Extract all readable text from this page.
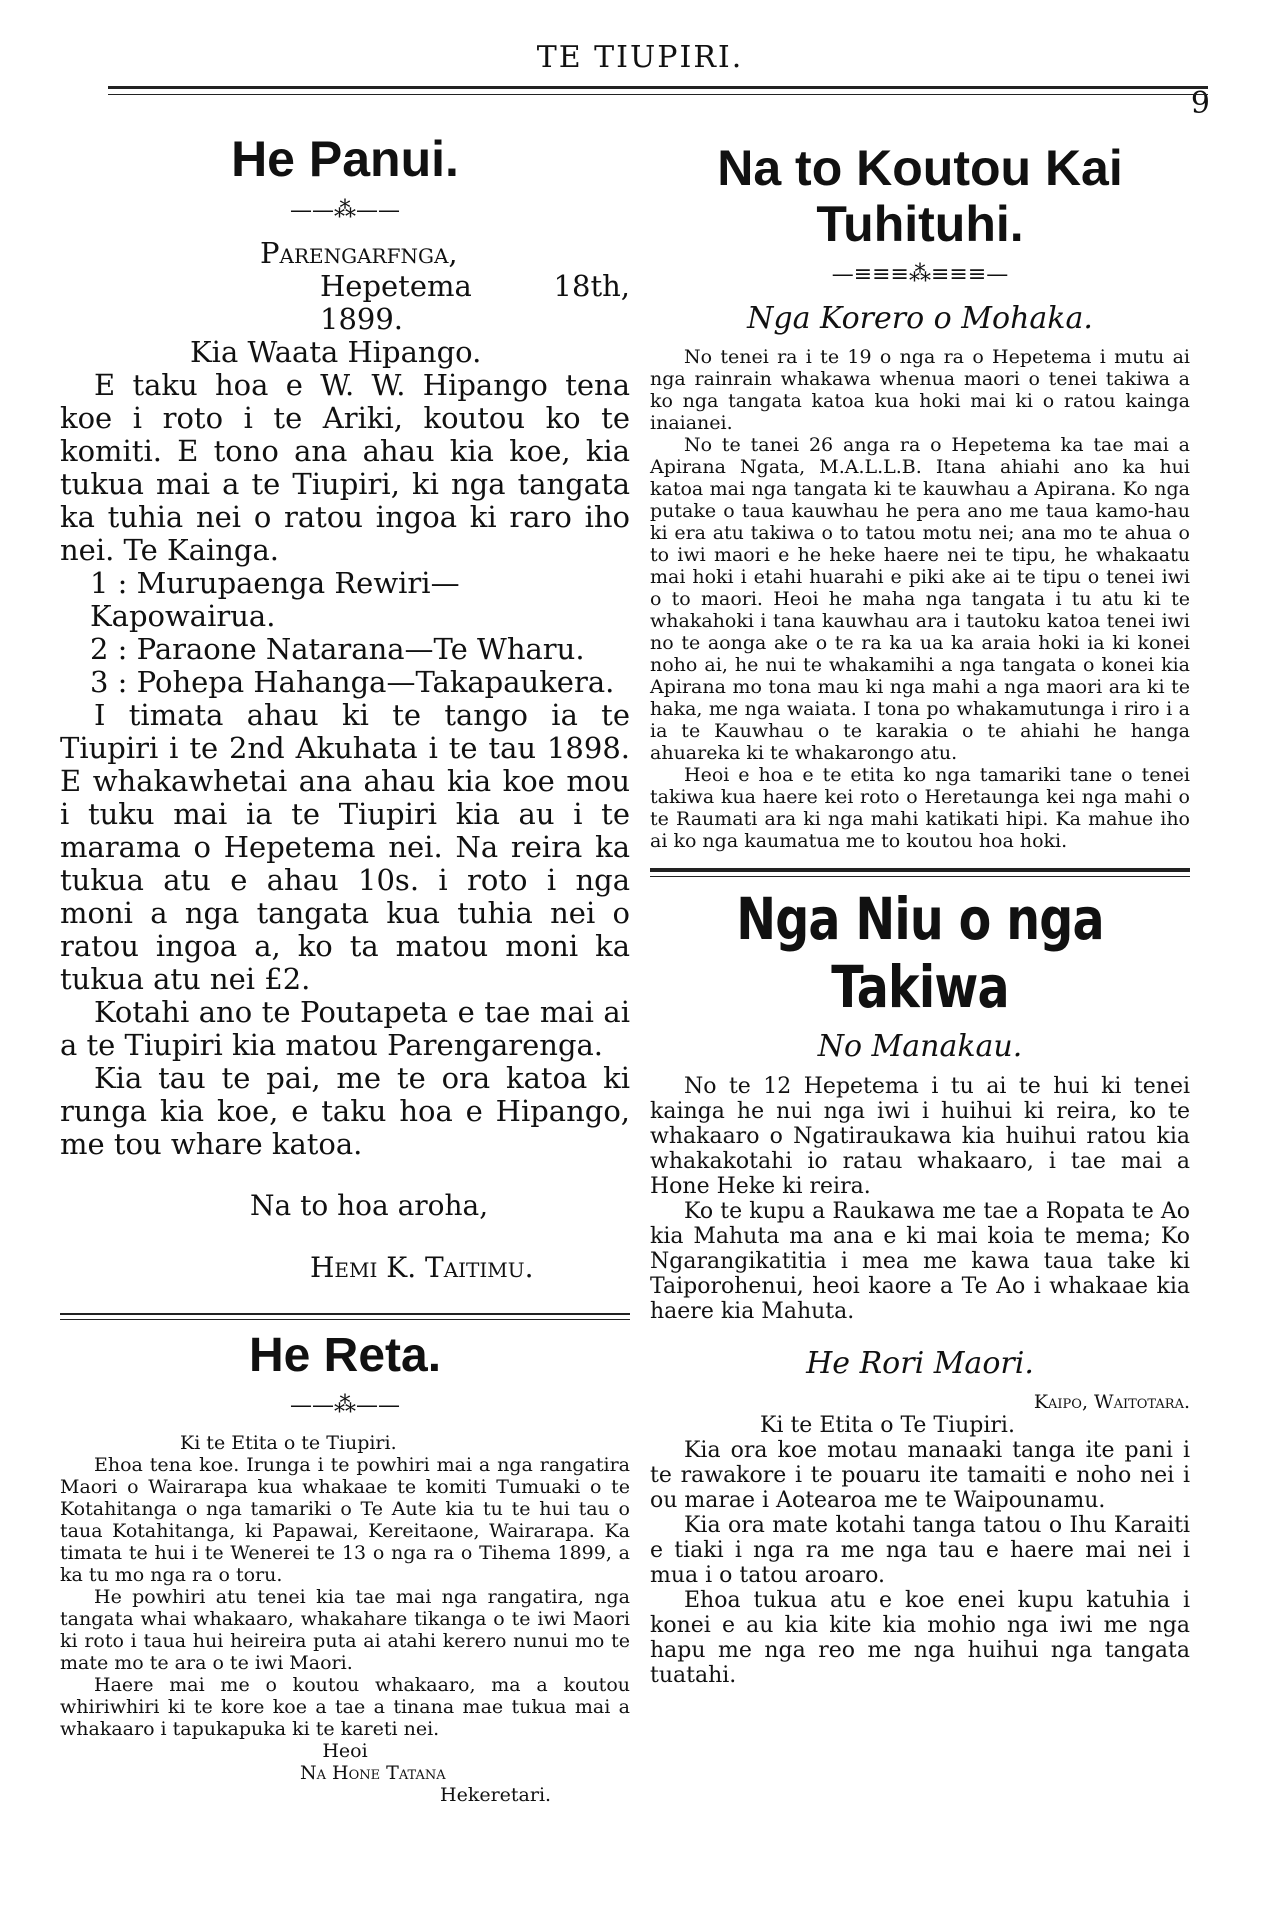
TE TIUPIRI.
9
He Panui.
——⁂——

Parengarfnga,

Hepetema 18th, 1899.

Kia Waata Hipango.

E taku hoa e W. W. Hipango tena koe i roto i te Ariki, koutou ko te komiti. E tono ana ahau kia koe, kia tukua mai a te Tiupiri, ki nga tangata ka tuhia nei o ratou ingoa ki raro iho nei. Te Kainga.

1 : Murupaenga Rewiri—Kapowairua.
2 : Paraone Natarana—Te Wharu.
3 : Pohepa Hahanga—Takapaukera.

I timata ahau ki te tango ia te Tiupiri i te 2nd Akuhata i te tau 1898. E whakawhetai ana ahau kia koe mou i tuku mai ia te Tiupiri kia au i te marama o Hepetema nei. Na reira ka tukua atu e ahau 10s. i roto i nga moni a nga tangata kua tuhia nei o ratou ingoa a, ko ta matou moni ka tukua atu nei £2.

Kotahi ano te Poutapeta e tae mai ai a te Tiupiri kia matou Parengarenga.

Kia tau te pai, me te ora katoa ki runga kia koe, e taku hoa e Hipango, me tou whare katoa.

Na to hoa aroha,

Hemi K. Taitimu.

He Reta.
——⁂——

Ki te Etita o te Tiupiri.

Ehoa tena koe. Irunga i te powhiri mai a nga rangatira Maori o Wairarapa kua whakaae te komiti Tumuaki o te Kotahitanga o nga tamariki o Te Aute kia tu te hui tau o taua Kotahitanga, ki Papawai, Kereitaone, Wairarapa. Ka timata te hui i te Wenerei te 13 o nga ra o Tihema 1899, a ka tu mo nga ra o toru.

He powhiri atu tenei kia tae mai nga rangatira, nga tangata whai whakaaro, whakahare tikanga o te iwi Maori ki roto i taua hui heireira puta ai atahi kerero nunui mo te mate mo te ara o te iwi Maori.

Haere mai me o koutou whakaaro, ma a koutou whiriwhiri ki te kore koe a tae a tinana mae tukua mai a whakaaro i tapukapuka ki te kareti nei.

Heoi

Na Hone Tatana

Hekeretari.

Na to Koutou Kai Tuhituhi.
—≡≡≡⁂≡≡≡—
Nga Korero o Mohaka.

No tenei ra i te 19 o nga ra o Hepetema i mutu ai nga rainrain whakawa whenua maori o tenei takiwa a ko nga tangata katoa kua hoki mai ki o ratou kainga inaianei.

No te tanei 26 anga ra o Hepetema ka tae mai a Apirana Ngata, M.A.L.L.B. Itana ahiahi ano ka hui katoa mai nga tangata ki te kauwhau a Apirana. Ko nga putake o taua kauwhau he pera ano me taua kamo-hau ki era atu takiwa o to tatou motu nei; ana mo te ahua o to iwi maori e he heke haere nei te tipu, he whakaatu mai hoki i etahi huarahi e piki ake ai te tipu o tenei iwi o to maori. Heoi he maha nga tangata i tu atu ki te whakahoki i tana kauwhau ara i tautoku katoa tenei iwi no te aonga ake o te ra ka ua ka araia hoki ia ki konei noho ai, he nui te whakamihi a nga tangata o konei kia Apirana mo tona mau ki nga mahi a nga maori ara ki te haka, me nga waiata. I tona po whakamutunga i riro i a ia te Kauwhau o te karakia o te ahiahi he hanga ahuareka ki te whakarongo atu.

Heoi e hoa e te etita ko nga tamariki tane o tenei takiwa kua haere kei roto o Heretaunga kei nga mahi o te Raumati ara ki nga mahi katikati hipi. Ka mahue iho ai ko nga kaumatua me to koutou hoa hoki.

Nga Niu o nga Takiwa
No Manakau.

No te 12 Hepetema i tu ai te hui ki tenei kainga he nui nga iwi i huihui ki reira, ko te whakaaro o Ngatiraukawa kia huihui ratou kia whakakotahi io ratau whakaaro, i tae mai a Hone Heke ki reira.

Ko te kupu a Raukawa me tae a Ropata te Ao kia Mahuta ma ana e ki mai koia te mema; Ko Ngarangikatitia i mea me kawa taua take ki Taiporohenui, heoi kaore a Te Ao i whakaae kia haere kia Mahuta.

He Rori Maori.

Kaipo, Waitotara.

Ki te Etita o Te Tiupiri.

Kia ora koe motau manaaki tanga ite pani i te rawakore i te pouaru ite tamaiti e noho nei i ou marae i Aotearoa me te Waipounamu.

Kia ora mate kotahi tanga tatou o Ihu Karaiti e tiaki i nga ra me nga tau e haere mai nei i mua i o tatou aroaro.

Ehoa tukua atu e koe enei kupu katuhia i konei e au kia kite kia mohio nga iwi me nga hapu me nga reo me nga huihui nga tangata tuatahi.
